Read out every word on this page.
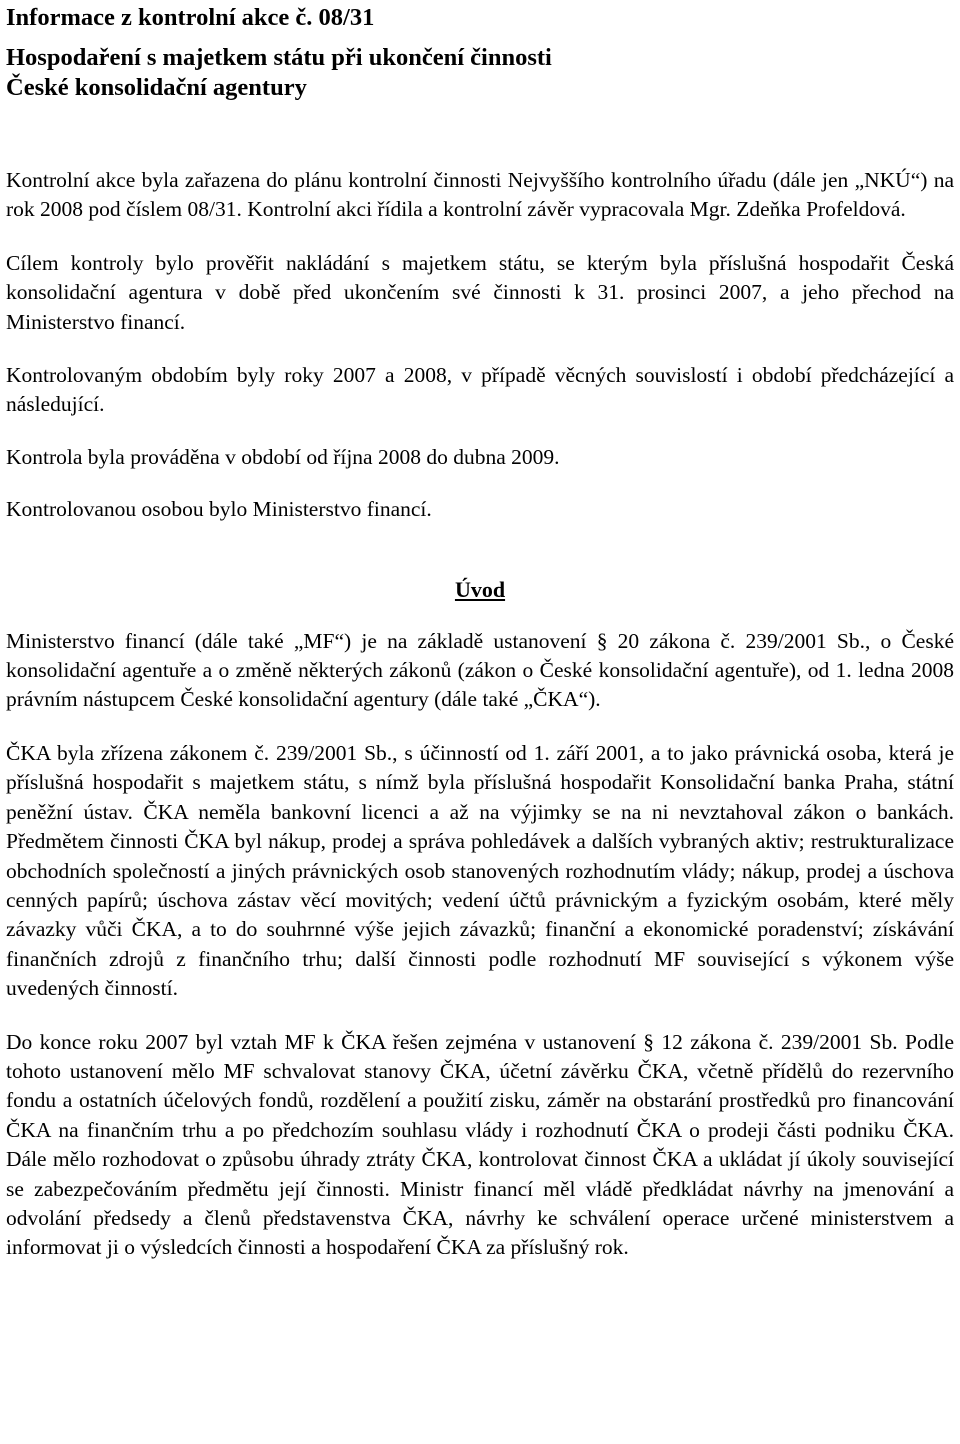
Informace z kontrolní akce č. 08/31
Hospodaření s majetkem státu při ukončení činnosti
České konsolidační agentury

Kontrolní akce byla zařazena do plánu kontrolní činnosti Nejvyššího kontrolního úřadu (dále jen „NKÚ“) na rok 2008 pod číslem 08/31. Kontrolní akci řídila a kontrolní závěr vypracovala Mgr. Zdeňka Profeldová.

Cílem kontroly bylo prověřit nakládání s majetkem státu, se kterým byla příslušná hospodařit Česká konsolidační agentura v době před ukončením své činnosti k 31. prosinci 2007, a jeho přechod na Ministerstvo financí.

Kontrolovaným obdobím byly roky 2007 a 2008, v případě věcných souvislostí i období předcházející a následující.

Kontrola byla prováděna v období od října 2008 do dubna 2009.

Kontrolovanou osobou bylo Ministerstvo financí.

Úvod

Ministerstvo financí (dále také „MF“) je na základě ustanovení § 20 zákona č. 239/2001 Sb., o České konsolidační agentuře a o změně některých zákonů (zákon o České konsolidační agentuře), od 1. ledna 2008 právním nástupcem České konsolidační agentury (dále také „ČKA“).

ČKA byla zřízena zákonem č. 239/2001 Sb., s účinností od 1. září 2001, a to jako právnická osoba, která je příslušná hospodařit s majetkem státu, s nímž byla příslušná hospodařit Konsolidační banka Praha, státní peněžní ústav. ČKA neměla bankovní licenci a až na výjimky se na ni nevztahoval zákon o bankách. Předmětem činnosti ČKA byl nákup, prodej a správa pohledávek a dalších vybraných aktiv; restrukturalizace obchodních společností a jiných právnických osob stanovených rozhodnutím vlády; nákup, prodej a úschova cenných papírů; úschova zástav věcí movitých; vedení účtů právnickým a fyzickým osobám, které měly závazky vůči ČKA, a to do souhrnné výše jejich závazků; finanční a ekonomické poradenství; získávání finančních zdrojů z finančního trhu; další činnosti podle rozhodnutí MF související s výkonem výše uvedených činností.

Do konce roku 2007 byl vztah MF k ČKA řešen zejména v ustanovení § 12 zákona č. 239/2001 Sb. Podle tohoto ustanovení mělo MF schvalovat stanovy ČKA, účetní závěrku ČKA, včetně přídělů do rezervního fondu a ostatních účelových fondů, rozdělení a použití zisku, záměr na obstarání prostředků pro financování ČKA na finančním trhu a po předchozím souhlasu vlády i rozhodnutí ČKA o prodeji části podniku ČKA. Dále mělo rozhodovat o způsobu úhrady ztráty ČKA, kontrolovat činnost ČKA a ukládat jí úkoly související se zabezpečováním předmětu její činnosti. Ministr financí měl vládě předkládat návrhy na jmenování a odvolání předsedy a členů představenstva ČKA, návrhy ke schválení operace určené ministerstvem a informovat ji o výsledcích činnosti a hospodaření ČKA za příslušný rok.
